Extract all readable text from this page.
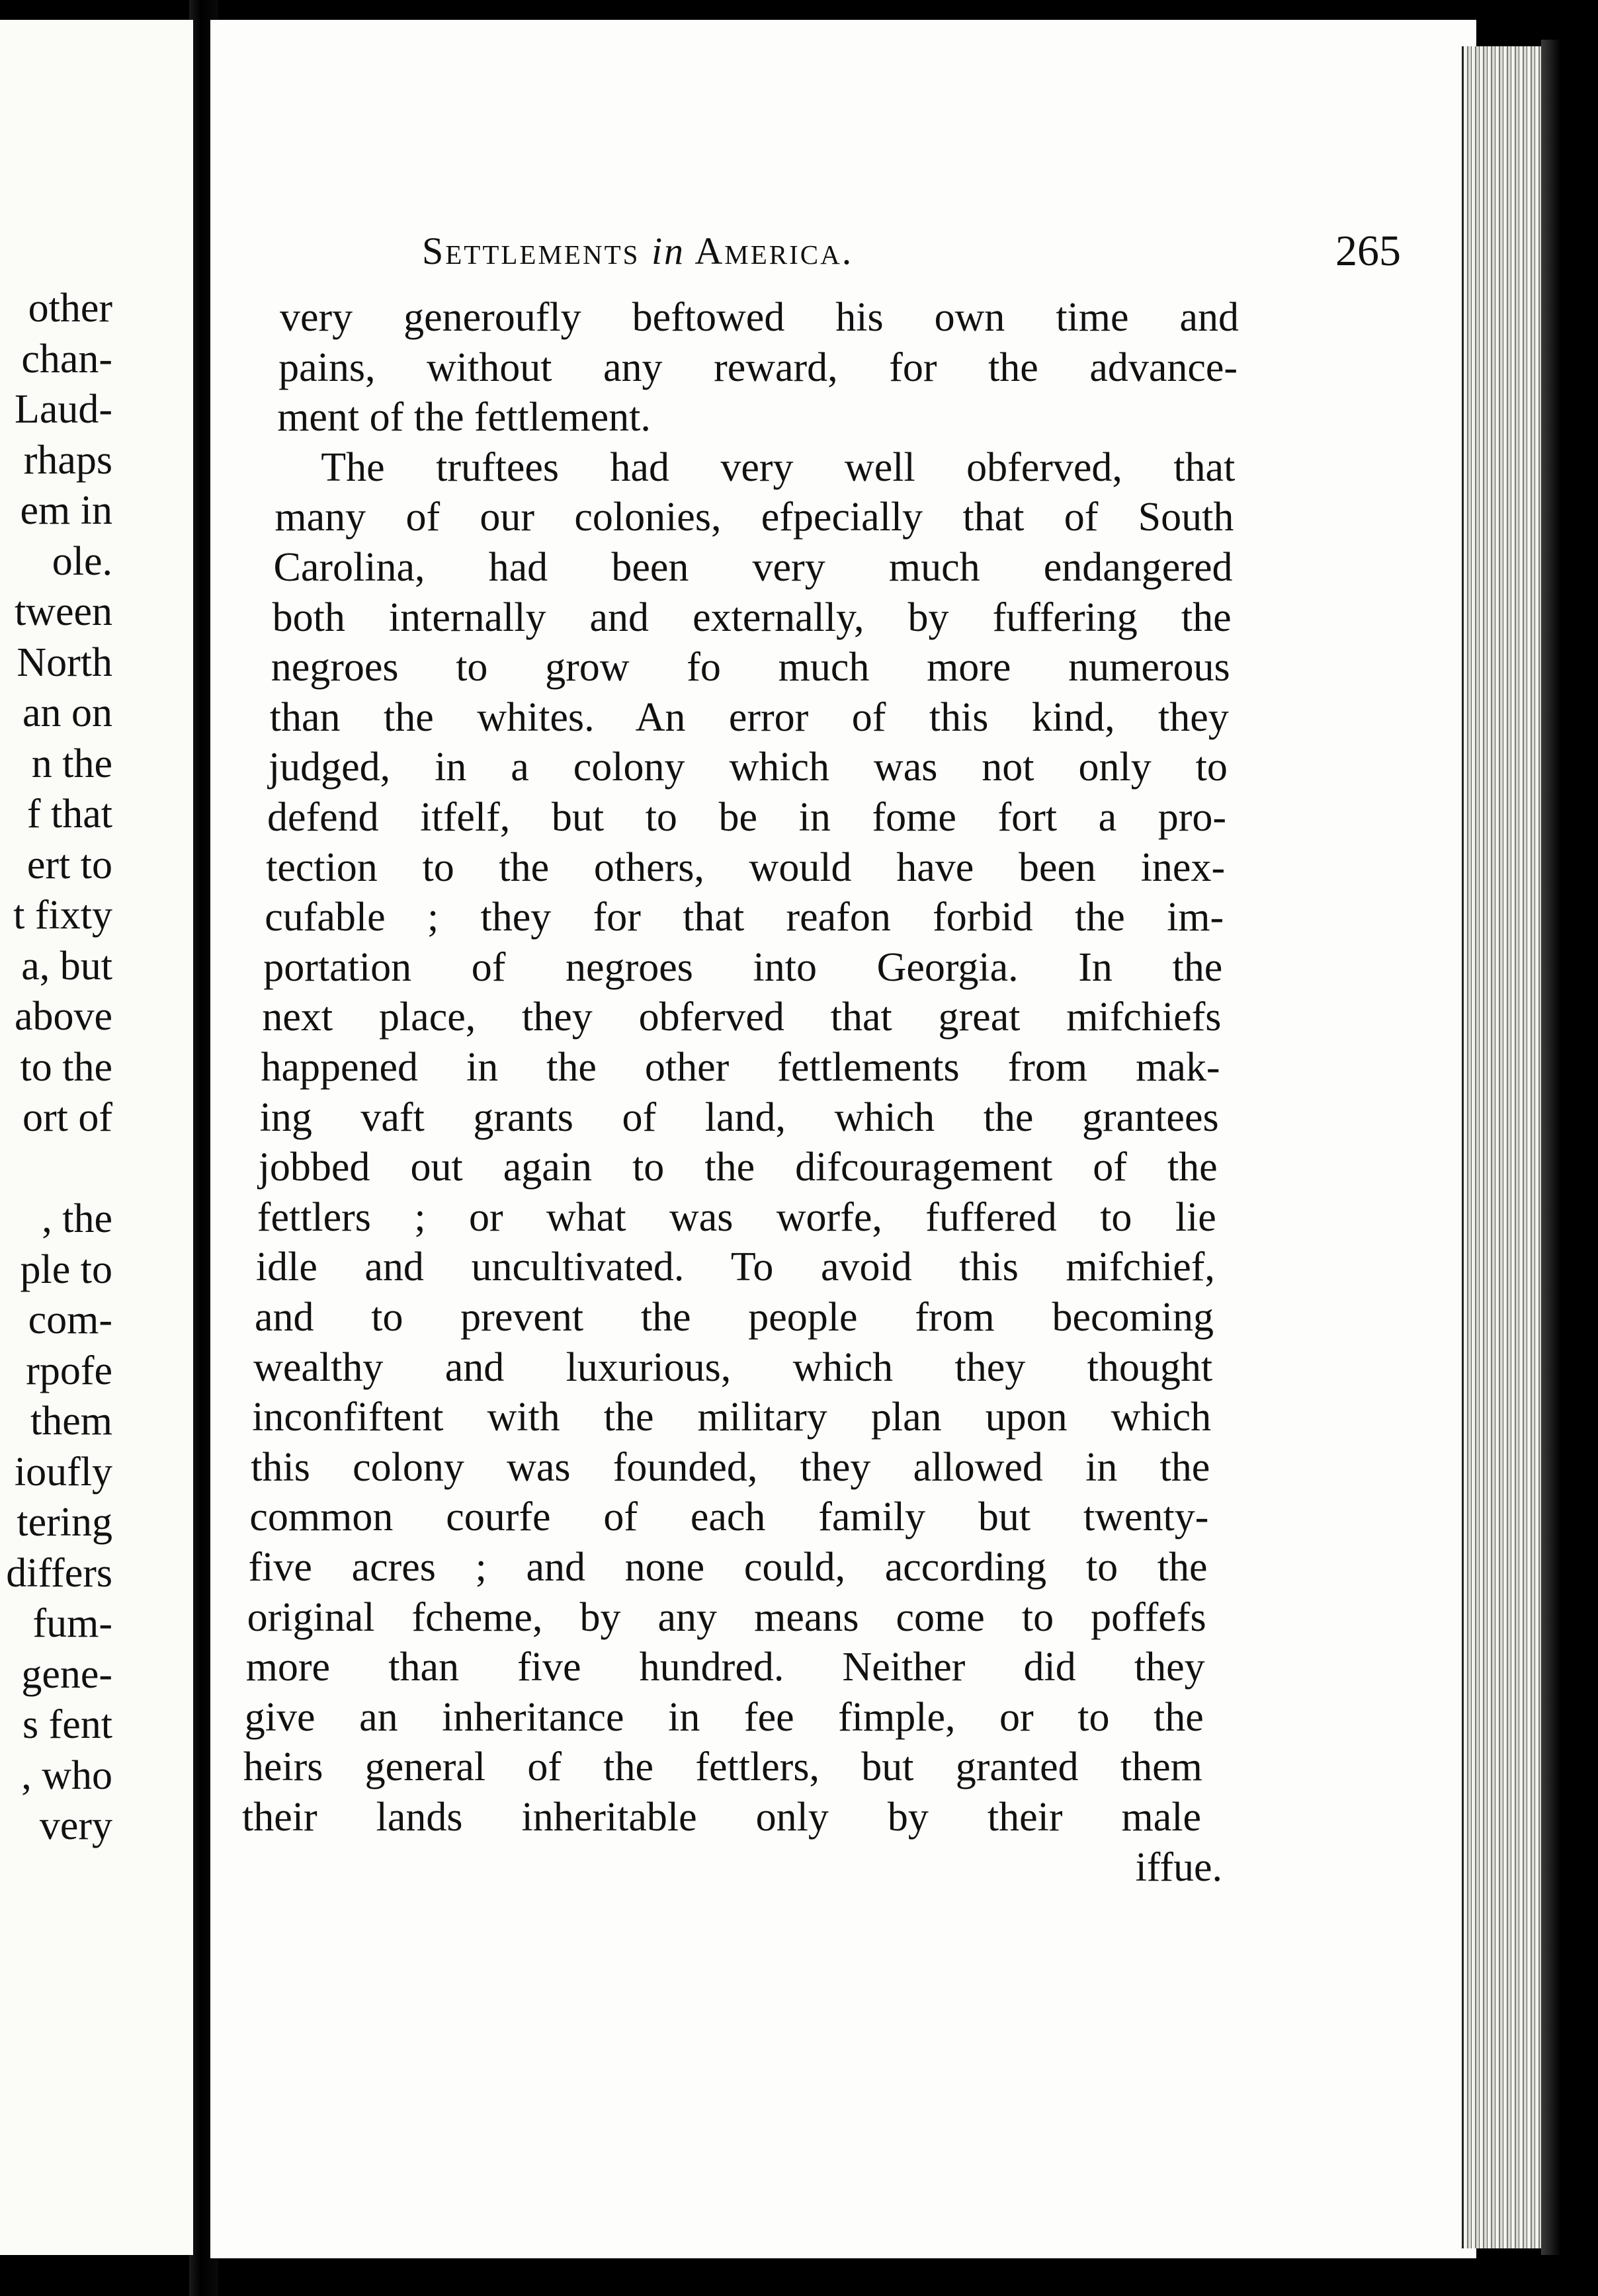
other
chan-
Laud-
rhaps
em in
ole.
tween
North
an on
n the
f that
ert to
t fixty
a, but
above
to the
ort of
, the
ple to
com-
rpofe
them
ioufly
tering
differs
fum-
gene-
s fent
, who
very
Settlements in America.	265
very generoufly beftowed his own time and
pains, without any reward, for the advance-
ment of the fettlement.
The truftees had very well obferved, that
many of our colonies, efpecially that of South
Carolina, had been very much endangered
both internally and externally, by fuffering the
negroes to grow fo much more numerous
than the whites. An error of this kind, they
judged, in a colony which was not only to
defend itfelf, but to be in fome fort a pro-
tection to the others, would have been inex-
cufable ; they for that reafon forbid the im-
portation of negroes into Georgia. In the
next place, they obferved that great mifchiefs
happened in the other fettlements from mak-
ing vaft grants of land, which the grantees
jobbed out again to the difcouragement of the
fettlers ; or what was worfe, fuffered to lie
idle and uncultivated. To avoid this mifchief,
and to prevent the people from becoming
wealthy and luxurious, which they thought
inconfiftent with the military plan upon which
this colony was founded, they allowed in the
common courfe of each family but twenty-
five acres ; and none could, according to the
original fcheme, by any means come to poffefs
more than five hundred. Neither did they
give an inheritance in fee fimple, or to the
heirs general of the fettlers, but granted them
their lands inheritable only by their male
iffue.
